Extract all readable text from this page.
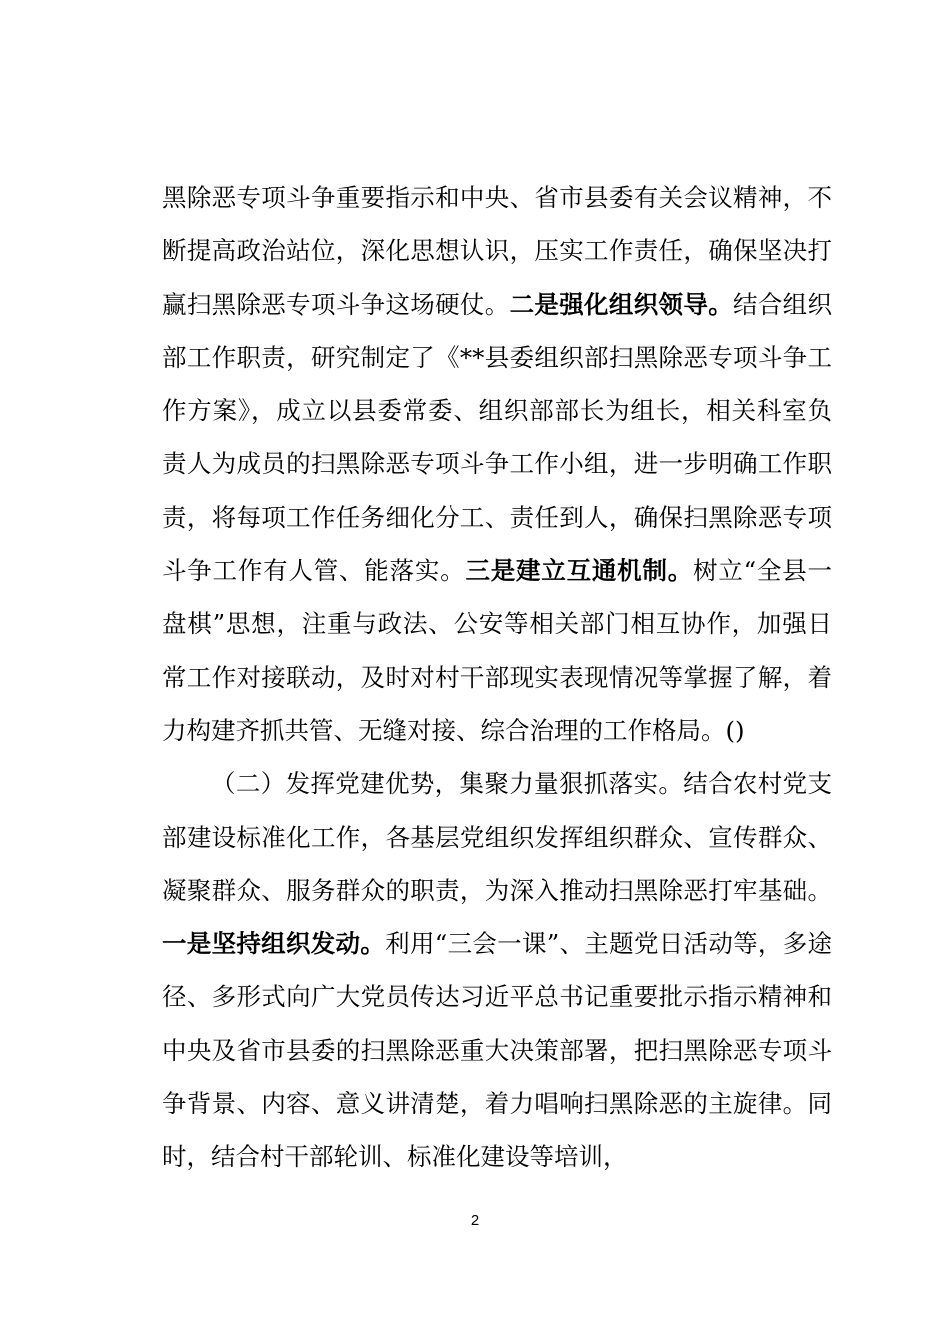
黑除恶专项斗争重要指示和中央、省市县委有关会议精神，不断提高政治站位，深化思想认识，压实工作责任，确保坚决打赢扫黑除恶专项斗争这场硬仗。二是强化组织领导。结合组织部工作职责，研究制定了《**县委组织部扫黑除恶专项斗争工作方案》，成立以县委常委、组织部部长为组长，相关科室负责人为成员的扫黑除恶专项斗争工作小组，进一步明确工作职责，将每项工作任务细化分工、责任到人，确保扫黑除恶专项斗争工作有人管、能落实。三是建立互通机制。树立“全县一盘棋”思想，注重与政法、公安等相关部门相互协作，加强日常工作对接联动，及时对村干部现实表现情况等掌握了解，着力构建齐抓共管、无缝对接、综合治理的工作格局。()

（二）发挥党建优势，集聚力量狠抓落实。结合农村党支部建设标准化工作，各基层党组织发挥组织群众、宣传群众、凝聚群众、服务群众的职责，为深入推动扫黑除恶打牢基础。一是坚持组织发动。利用“三会一课”、主题党日活动等，多途径、多形式向广大党员传达习近平总书记重要批示指示精神和中央及省市县委的扫黑除恶重大决策部署，把扫黑除恶专项斗争背景、内容、意义讲清楚，着力唱响扫黑除恶的主旋律。同时，结合村干部轮训、标准化建设等培训，

2
